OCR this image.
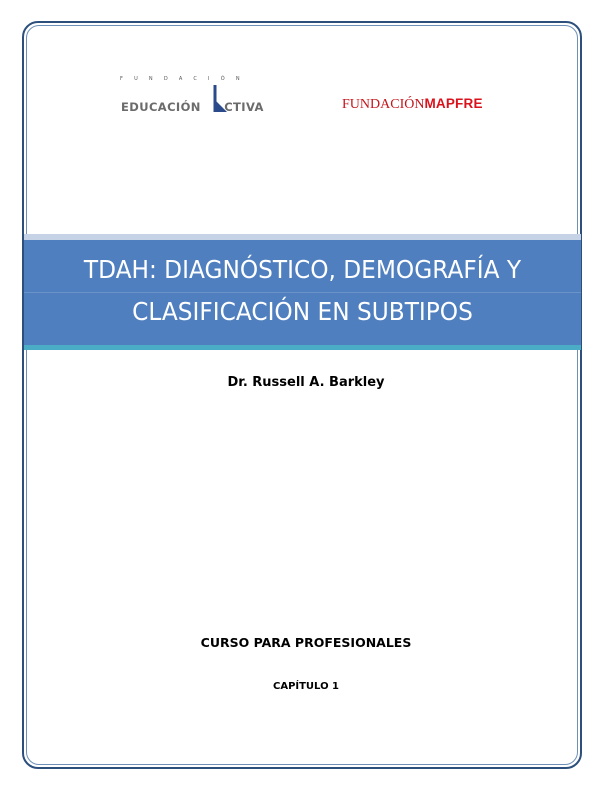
FUNDACIÓN
EDUCACIÓN CTIVA	FUNDACIÓNMAPFRE
TDAH: DIAGNÓSTICO, DEMOGRAFÍA Y
CLASIFICACIÓN EN SUBTIPOS
Dr. Russell A. Barkley
CURSO PARA PROFESIONALES
CAPÍTULO 1
